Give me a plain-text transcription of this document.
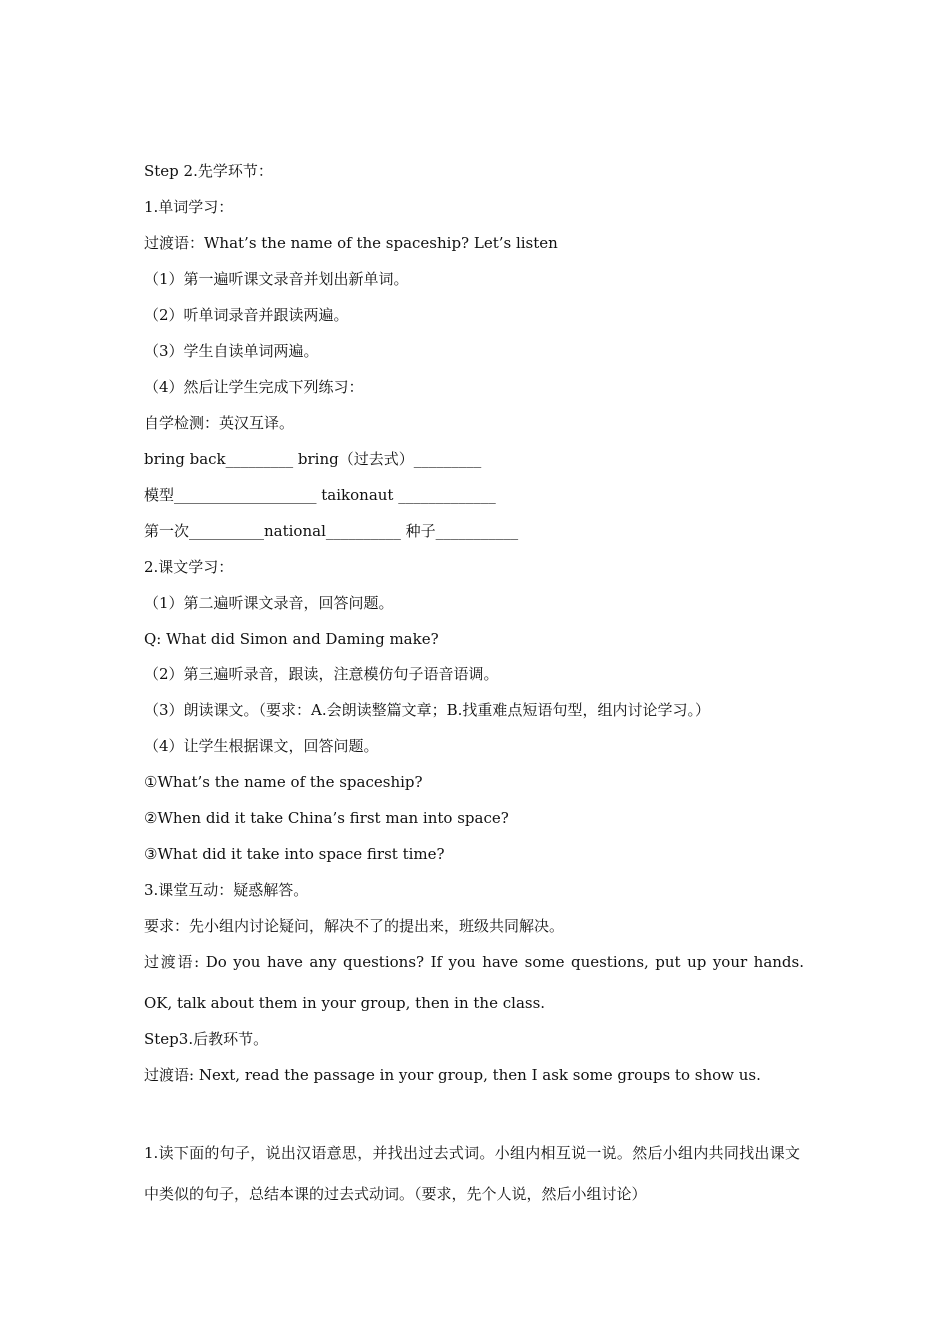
Step 2.先学环节：
1.单词学习：
过渡语：What’s the name of the spaceship? Let’s listen
（1）第一遍听课文录音并划出新单词。
（2）听单词录音并跟读两遍。
（3）学生自读单词两遍。
（4）然后让学生完成下列练习：
自学检测：英汉互译。
bring back_________ bring（过去式）_________
模型___________________ taikonaut _____________
第一次__________national__________ 种子___________
2.课文学习：
（1）第二遍听课文录音，回答问题。
Q: What did Simon and Daming make?
（2）第三遍听录音，跟读，注意模仿句子语音语调。
（3）朗读课文。（要求：A.会朗读整篇文章；B.找重难点短语句型，组内讨论学习。）
（4）让学生根据课文，回答问题。
①What’s the name of the spaceship?
②When did it take China’s first man into space?
③What did it take into space first time?
3.课堂互动：疑惑解答。
要求：先小组内讨论疑问，解决不了的提出来，班级共同解决。
过渡语: Do you have any questions? If you have some questions, put up your hands. OK, talk about them in your group, then in the class.
Step3.后教环节。
过渡语: Next, read the passage in your group, then I ask some groups to show us.
1.读下面的句子，说出汉语意思，并找出过去式词。小组内相互说一说。然后小组内共同找出课文中类似的句子，总结本课的过去式动词。（要求，先个人说，然后小组讨论）
